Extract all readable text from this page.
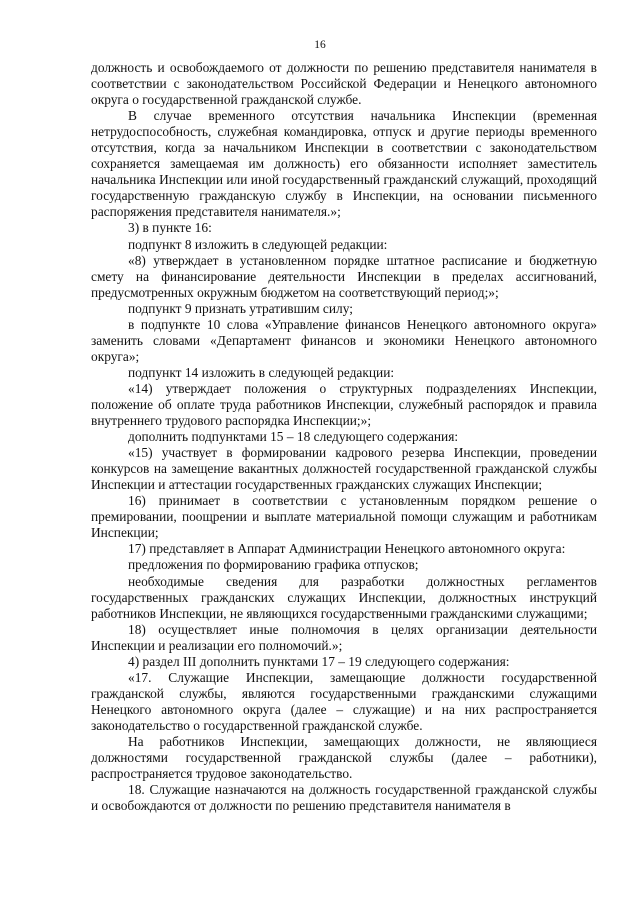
16

должность и освобождаемого от должности по решению представителя нанимателя в соответствии с законодательством Российской Федерации и Ненецкого автономного округа о государственной гражданской службе.

В случае временного отсутствия начальника Инспекции (временная нетрудоспособность, служебная командировка, отпуск и другие периоды временного отсутствия, когда за начальником Инспекции в соответствии с законодательством сохраняется замещаемая им должность) его обязанности исполняет заместитель начальника Инспекции или иной государственный гражданский служащий, проходящий государственную гражданскую службу в Инспекции, на основании письменного распоряжения представителя нанимателя.»;

3) в пункте 16:

подпункт 8 изложить в следующей редакции:

«8) утверждает в установленном порядке штатное расписание и бюджетную смету на финансирование деятельности Инспекции в пределах ассигнований, предусмотренных окружным бюджетом на соответствующий период;»;

подпункт 9 признать утратившим силу;

в подпункте 10 слова «Управление финансов Ненецкого автономного округа» заменить словами «Департамент финансов и экономики Ненецкого автономного округа»;

подпункт 14 изложить в следующей редакции:

«14) утверждает положения о структурных подразделениях Инспекции, положение об оплате труда работников Инспекции, служебный распорядок и правила внутреннего трудового распорядка Инспекции;»;

дополнить подпунктами 15 – 18 следующего содержания:

«15) участвует в формировании кадрового резерва Инспекции, проведении конкурсов на замещение вакантных должностей государственной гражданской службы Инспекции и аттестации государственных гражданских служащих Инспекции;

16) принимает в соответствии с установленным порядком решение о премировании, поощрении и выплате материальной помощи служащим и работникам Инспекции;

17) представляет в Аппарат Администрации Ненецкого автономного округа:

предложения по формированию графика отпусков;

необходимые сведения для разработки должностных регламентов государственных гражданских служащих Инспекции, должностных инструкций работников Инспекции, не являющихся государственными гражданскими служащими;

18) осуществляет иные полномочия в целях организации деятельности Инспекции и реализации его полномочий.»;

4) раздел III дополнить пунктами 17 – 19 следующего содержания:

«17. Служащие Инспекции, замещающие должности государственной гражданской службы, являются государственными гражданскими служащими Ненецкого автономного округа (далее – служащие) и на них распространяется законодательство о государственной гражданской службе.

На работников Инспекции, замещающих должности, не являющиеся должностями государственной гражданской службы (далее – работники), распространяется трудовое законодательство.

18. Служащие назначаются на должность государственной гражданской службы и освобождаются от должности по решению представителя нанимателя в
